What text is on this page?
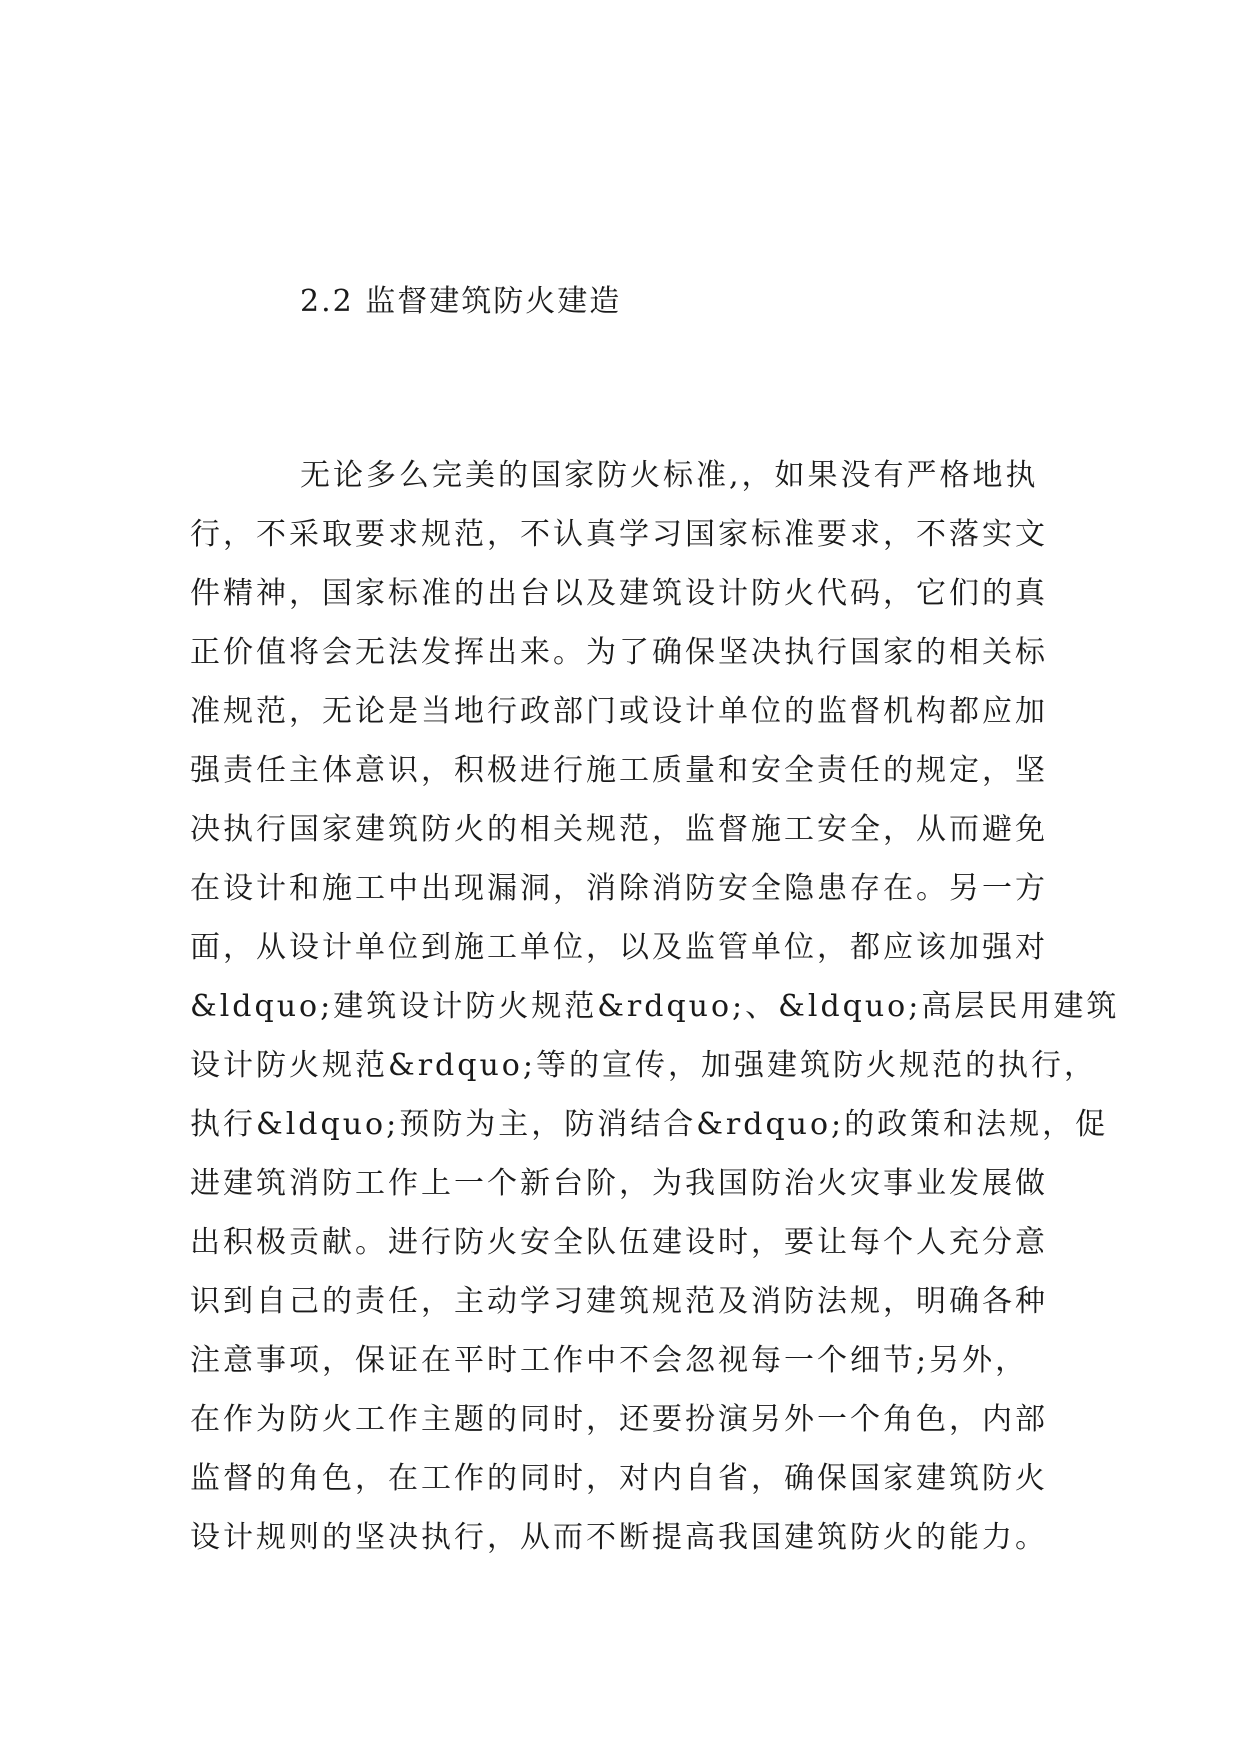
2.2 监督建筑防火建造
无论多么完美的国家防火标准,，如果没有严格地执
行，不采取要求规范，不认真学习国家标准要求，不落实文
件精神，国家标准的出台以及建筑设计防火代码，它们的真
正价值将会无法发挥出来。为了确保坚决执行国家的相关标
准规范，无论是当地行政部门或设计单位的监督机构都应加
强责任主体意识，积极进行施工质量和安全责任的规定，坚
决执行国家建筑防火的相关规范，监督施工安全，从而避免
在设计和施工中出现漏洞，消除消防安全隐患存在。另一方
面，从设计单位到施工单位，以及监管单位，都应该加强对
&ldquo;建筑设计防火规范&rdquo;、&ldquo;高层民用建筑
设计防火规范&rdquo;等的宣传，加强建筑防火规范的执行，
执行&ldquo;预防为主，防消结合&rdquo;的政策和法规，促
进建筑消防工作上一个新台阶，为我国防治火灾事业发展做
出积极贡献。进行防火安全队伍建设时，要让每个人充分意
识到自己的责任，主动学习建筑规范及消防法规，明确各种
注意事项，保证在平时工作中不会忽视每一个细节;另外，
在作为防火工作主题的同时，还要扮演另外一个角色，内部
监督的角色，在工作的同时，对内自省，确保国家建筑防火
设计规则的坚决执行，从而不断提高我国建筑防火的能力。
